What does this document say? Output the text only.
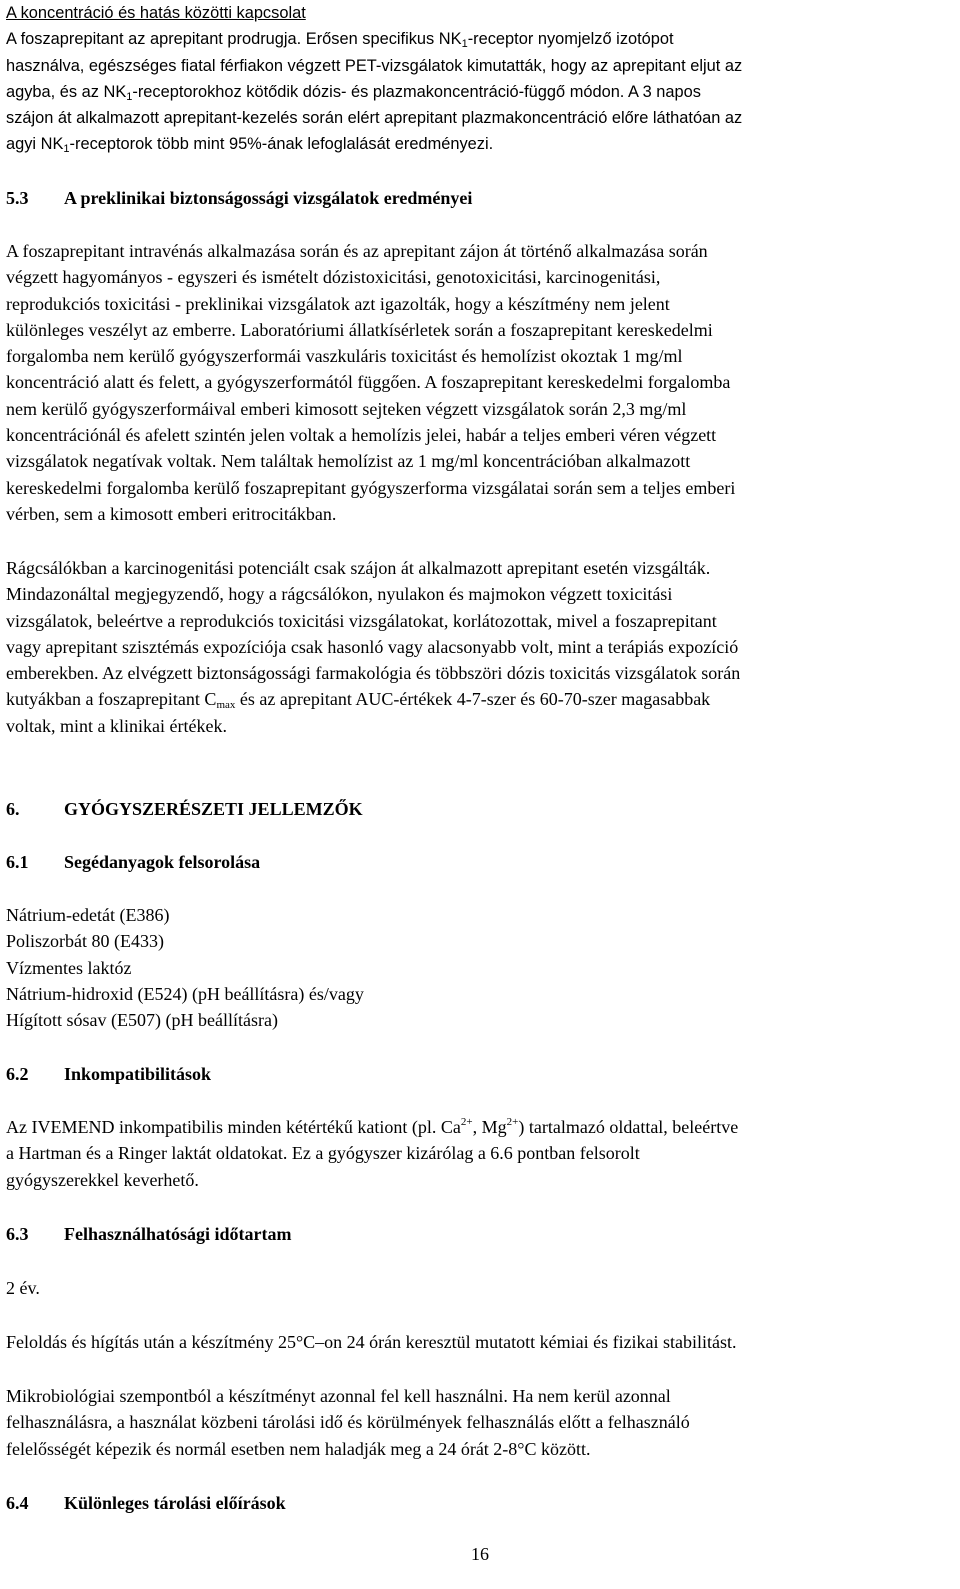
A koncentráció és hatás közötti kapcsolat
A foszaprepitant az aprepitant prodrugja. Erősen specifikus $NK_1$-receptor nyomjelző izotópot
használva, egészséges fiatal férfiakon végzett PET-vizsgálatok kimutatták, hogy az aprepitant eljut az
agyba, és az $NK_1$-receptorokhoz kötődik dózis- és plazmakoncentráció-függő módon. A 3 napos
szájon át alkalmazott aprepitant-kezelés során elért aprepitant plazmakoncentráció előre láthatóan az
agyi $NK_1$-receptorok több mint 95%-ának lefoglalását eredményezi.
5.3 A preklinikai biztonságossági vizsgálatok eredményei
A foszaprepitant intravénás alkalmazása során és az aprepitant zájon át történő alkalmazása során
végzett hagyományos - egyszeri és ismételt dózistoxicitási, genotoxicitási, karcinogenitási,
reprodukciós toxicitási - preklinikai vizsgálatok azt igazolták, hogy a készítmény nem jelent
különleges veszélyt az emberre. Laboratóriumi állatkísérletek során a foszaprepitant kereskedelmi
forgalomba nem kerülő gyógyszerformái vaszkuláris toxicitást és hemolízist okoztak 1 mg/ml
koncentráció alatt és felett, a gyógyszerformától függően. A foszaprepitant kereskedelmi forgalomba
nem kerülő gyógyszerformáival emberi kimosott sejteken végzett vizsgálatok során 2,3 mg/ml
koncentrációnál és afelett szintén jelen voltak a hemolízis jelei, habár a teljes emberi véren végzett
vizsgálatok negatívak voltak. Nem találtak hemolízist az 1 mg/ml koncentrációban alkalmazott
kereskedelmi forgalomba kerülő foszaprepitant gyógyszerforma vizsgálatai során sem a teljes emberi
vérben, sem a kimosott emberi eritrocitákban.
Rágcsálókban a karcinogenitási potenciált csak szájon át alkalmazott aprepitant esetén vizsgálták.
Mindazonáltal megjegyzendő, hogy a rágcsálókon, nyulakon és majmokon végzett toxicitási
vizsgálatok, beleértve a reprodukciós toxicitási vizsgálatokat, korlátozottak, mivel a foszaprepitant
vagy aprepitant szisztémás expozíciója csak hasonló vagy alacsonyabb volt, mint a terápiás expozíció
emberekben. Az elvégzett biztonságossági farmakológia és többszöri dózis toxicitás vizsgálatok során
kutyákban a foszaprepitant $C_{max}$ és az aprepitant AUC-értékek 4-7-szer és 60-70-szer magasabbak
voltak, mint a klinikai értékek.
6. GYÓGYSZERÉSZETI JELLEMZŐK
6.1 Segédanyagok felsorolása
Nátrium-edetát (E386)
Poliszorbát 80 (E433)
Vízmentes laktóz
Nátrium-hidroxid (E524) (pH beállításra) és/vagy
Hígított sósav (E507) (pH beállításra)
6.2 Inkompatibilitások
Az IVEMEND inkompatibilis minden kétértékű kationt (pl. $Ca^{2+}$, $Mg^{2+}$) tartalmazó oldattal, beleértve
a Hartman és a Ringer laktát oldatokat. Ez a gyógyszer kizárólag a 6.6 pontban felsorolt
gyógyszerekkel keverhető.
6.3 Felhasználhatósági időtartam
2 év.
Feloldás és hígítás után a készítmény 25°C–on 24 órán keresztül mutatott kémiai és fizikai stabilitást.
Mikrobiológiai szempontból a készítményt azonnal fel kell használni. Ha nem kerül azonnal
felhasználásra, a használat közbeni tárolási idő és körülmények felhasználás előtt a felhasználó
felelősségét képezik és normál esetben nem haladják meg a 24 órát 2-8°C között.
6.4 Különleges tárolási előírások
16
